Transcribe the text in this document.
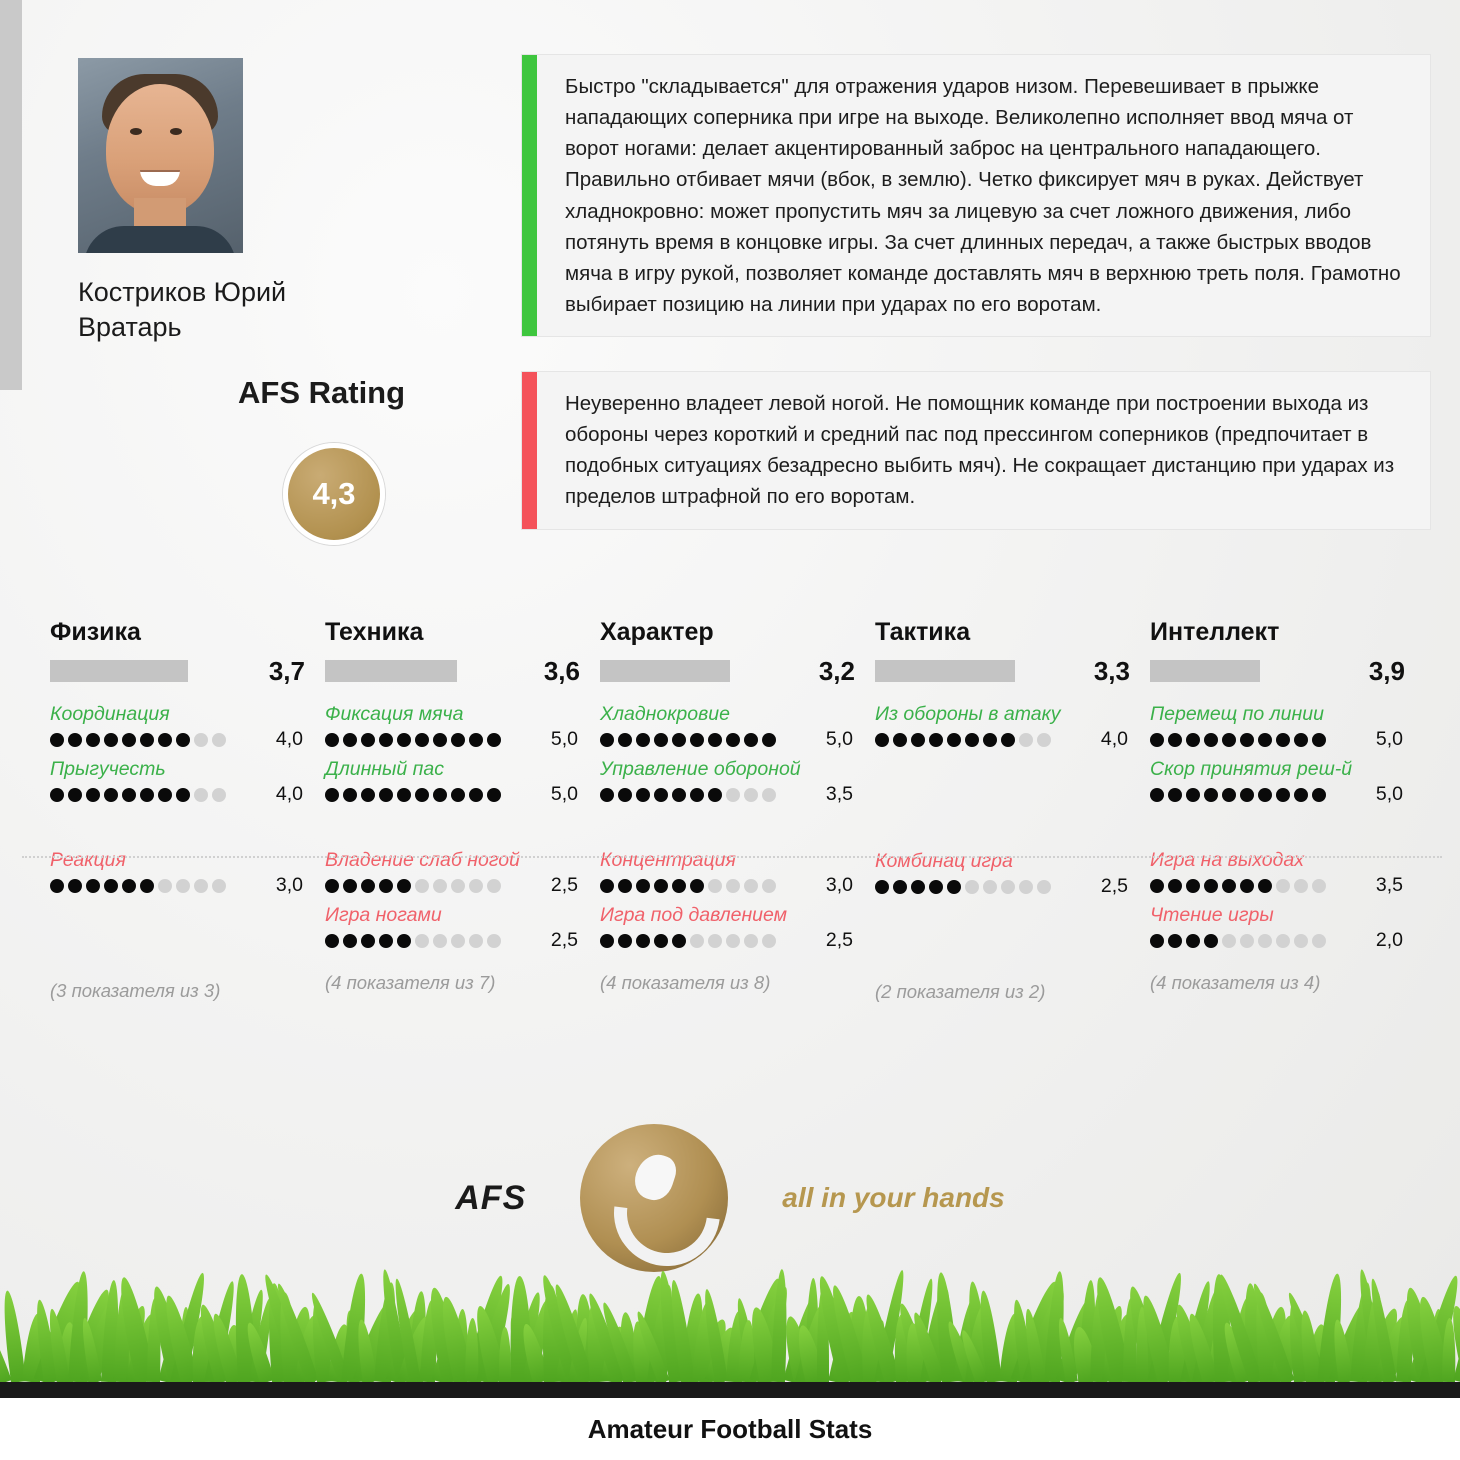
Костриков Юрий
Вратарь
AFS Rating
4,3
Быстро "складывается" для отражения ударов низом. Перевешивает в прыжке нападающих соперника при игре на выходе. Великолепно исполняет ввод мяча от ворот ногами: делает акцентированный заброс на центрального нападающего. Правильно отбивает мячи (вбок, в землю). Четко фиксирует мяч в руках. Действует хладнокровно: может пропустить мяч за лицевую за счет ложного движения, либо потянуть время в концовке игры. За счет длинных передач, а также быстрых вводов мяча в игру рукой, позволяет команде доставлять мяч в верхнюю треть поля. Грамотно выбирает позицию на линии при ударах по его воротам.
Неуверенно владеет левой ногой. Не помощник команде при построении выхода из обороны через короткий и средний пас под прессингом соперников (предпочитает в подобных ситуациях безадресно выбить мяч). Не сокращает дистанцию при ударах из пределов штрафной по его воротам.
Физика
3,7
Координация
4,0
Прыгучесть
4,0
Реакция
3,0
(3 показателя из 3)
Техника
3,6
Фиксация мяча
5,0
Длинный пас
5,0
Владение слаб ногой
2,5
Игра ногами
2,5
(4 показателя из 7)
Характер
3,2
Хладнокровие
5,0
Управление обороной
3,5
Концентрация
3,0
Игра под давлением
2,5
(4 показателя из 8)
Тактика
3,3
Из обороны в атаку
4,0
Комбинац игра
2,5
(2 показателя из 2)
Интеллект
3,9
Перемещ по линии
5,0
Скор принятия реш-й
5,0
Игра на выходах
3,5
Чтение игры
2,0
(4 показателя из 4)
AFS	all in your hands
Amateur Football Stats
